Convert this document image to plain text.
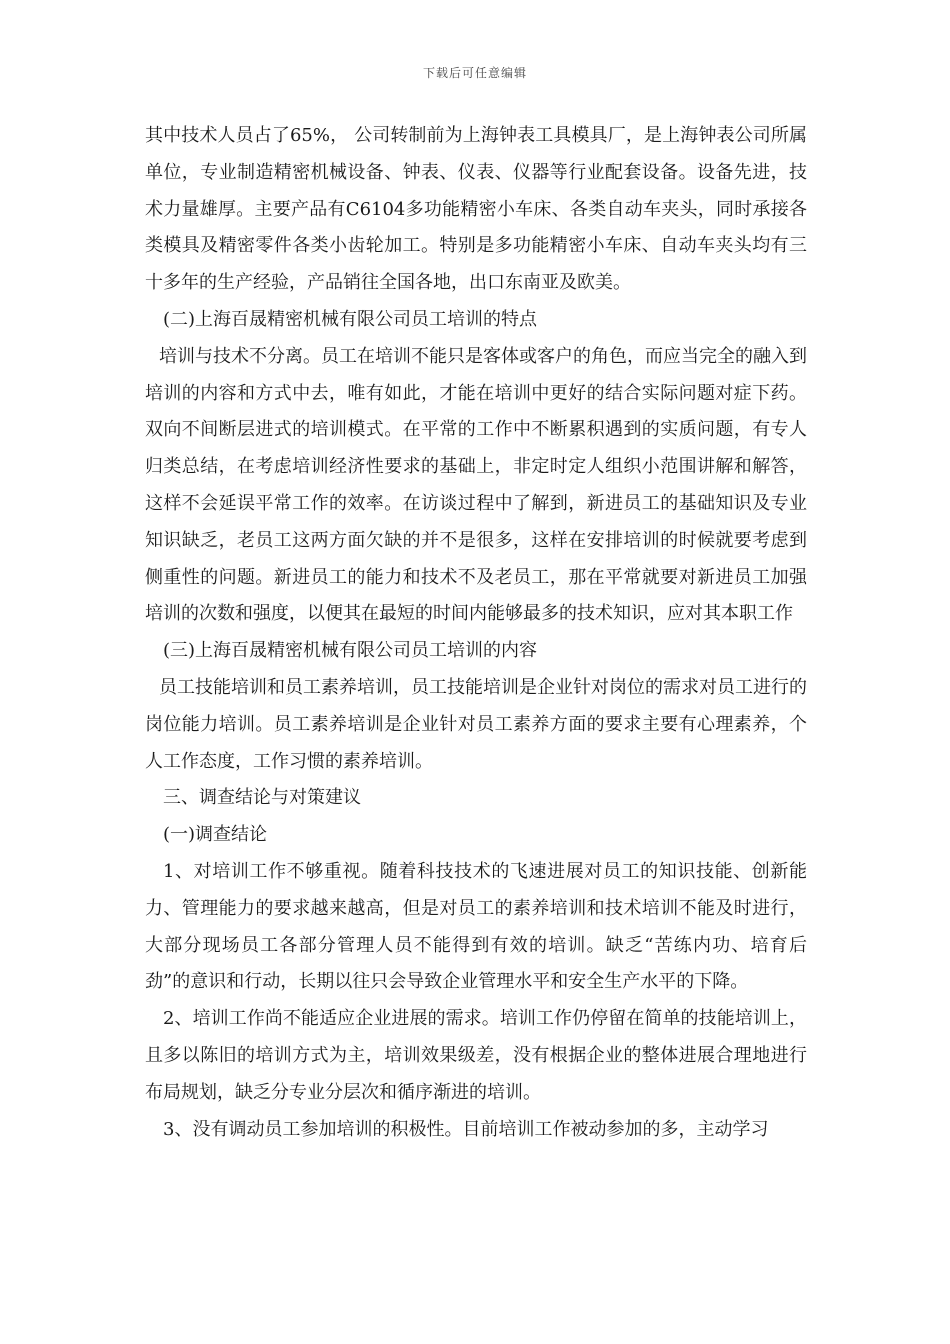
下载后可任意编辑

其中技术人员占了65%， 公司转制前为上海钟表工具模具厂，是上海钟表公司所属单位，专业制造精密机械设备、钟表、仪表、仪器等行业配套设备。设备先进，技术力量雄厚。主要产品有C6104多功能精密小车床、各类自动车夹头，同时承接各类模具及精密零件各类小齿轮加工。特别是多功能精密小车床、自动车夹头均有三十多年的生产经验，产品销往全国各地，出口东南亚及欧美。

(二)上海百晟精密机械有限公司员工培训的特点

培训与技术不分离。员工在培训不能只是客体或客户的角色，而应当完全的融入到培训的内容和方式中去，唯有如此，才能在培训中更好的结合实际问题对症下药。双向不间断层进式的培训模式。在平常的工作中不断累积遇到的实质问题，有专人归类总结，在考虑培训经济性要求的基础上，非定时定人组织小范围讲解和解答，这样不会延误平常工作的效率。在访谈过程中了解到，新进员工的基础知识及专业知识缺乏，老员工这两方面欠缺的并不是很多，这样在安排培训的时候就要考虑到侧重性的问题。新进员工的能力和技术不及老员工，那在平常就要对新进员工加强培训的次数和强度，以便其在最短的时间内能够最多的技术知识，应对其本职工作

(三)上海百晟精密机械有限公司员工培训的内容

员工技能培训和员工素养培训，员工技能培训是企业针对岗位的需求对员工进行的岗位能力培训。员工素养培训是企业针对员工素养方面的要求主要有心理素养，个人工作态度，工作习惯的素养培训。

三、调查结论与对策建议

(一)调查结论

1、对培训工作不够重视。随着科技技术的飞速进展对员工的知识技能、创新能力、管理能力的要求越来越高，但是对员工的素养培训和技术培训不能及时进行，大部分现场员工各部分管理人员不能得到有效的培训。缺乏“苦练内功、培育后劲”的意识和行动，长期以往只会导致企业管理水平和安全生产水平的下降。

2、培训工作尚不能适应企业进展的需求。培训工作仍停留在简单的技能培训上，且多以陈旧的培训方式为主，培训效果级差，没有根据企业的整体进展合理地进行布局规划，缺乏分专业分层次和循序渐进的培训。

3、没有调动员工参加培训的积极性。目前培训工作被动参加的多，主动学习
